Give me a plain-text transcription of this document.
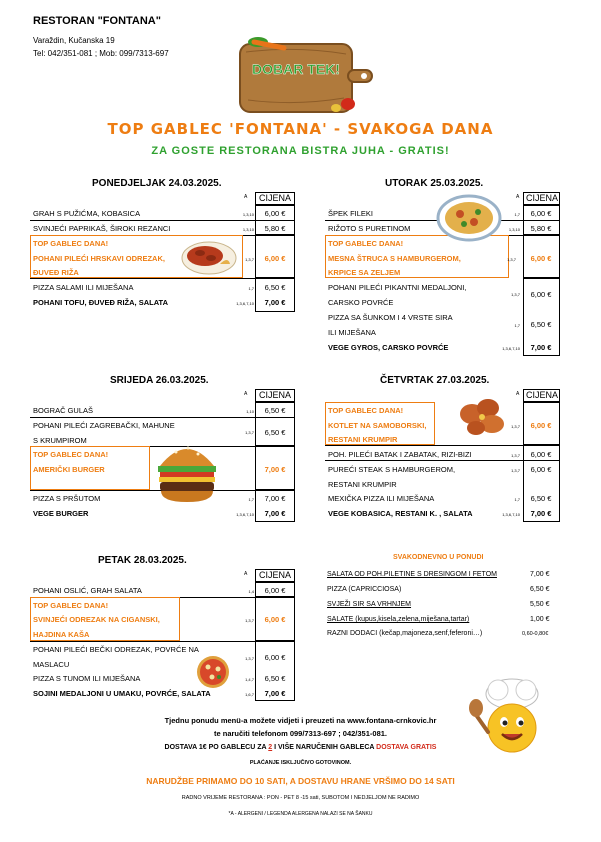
RESTORAN "FONTANA"
Varaždin, Kučanska 19
Tel: 042/351-081 ; Mob: 099/7313-697
DOBAR TEK!
TOP GABLEC 'FONTANA' - SVAKOGA DANA
ZA GOSTE RESTORANA BISTRA JUHA - GRATIS!
PONEDJELJAK 24.03.2025.
A	CIJENA
GRAH S PUŽIĆMA, KOBASICA	1,3,10	6,00 €
SVINJEĆI PAPRIKAŠ, ŠIROKI REZANCI	1,3,10	5,80 €
TOP GABLEC DANA!
POHANI PILEĆI HRSKAVI ODREZAK,	1,3,7	6,00 €
ĐUVEĐ RIŽA
PIZZA SALAMI ILI MIJEŠANA	1,7	6,50 €
POHANI TOFU, ĐUVEĐ RIŽA, SALATA	1,3,6,7,10	7,00 €
UTORAK 25.03.2025.
A CIJENA
ŠPEK FILEKI	1,7	6,00 €
RIŽOTO S PURETINOM	1,3,10	5,80 €
TOP GABLEC DANA!
MESNA ŠTRUCA S HAMBURGEROM,	1,3,7	6,00 €
KRPICE SA ZELJEM
POHANI PILEĆI PIKANTNI MEDALJONI,
CARSKO POVRĆE
1,3,7	6,00 €
PIZZA SA ŠUNKOM I 4 VRSTE SIRA
ILI MIJEŠANA
1,7	6,50 €
VEGE GYROS, CARSKO POVRĆE	1,3,6,7,10	7,00 €
SRIJEDA 26.03.2025.
A	CIJENA
BOGRAČ GULAŠ	1,10	6,50 €
POHANI PILEĆI ZAGREBAČKI, MAHUNE
1,3,7	6,50 €
S KRUMPIROM
TOP GABLEC DANA!
AMERIČKI BURGER	7,00 €
PIZZA S PRŠUTOM	1,7	7,00 €
VEGE BURGER	1,3,6,7,10	7,00 €
ČETVRTAK 27.03.2025.
A CIJENA
TOP GABLEC DANA!
KOTLET NA SAMOBORSKI,	1,3,7	6,00 €
RESTANI KRUMPIR
POH. PILEĆI BATAK I ZABATAK, RIZI-BIZI	1,3,7	6,00 €
PUREĆI STEAK S HAMBURGEROM,	1,3,7	6,00 €
RESTANI KRUMPIR
MEXIČKA PIZZA ILI MIJEŠANA	1,7	6,50 €
VEGE KOBASICA, RESTANI K. , SALATA	1,3,6,7,10	7,00 €
PETAK 28.03.2025.
A	CIJENA
POHANI OSLIĆ, GRAH SALATA	1,4	6,00 €
TOP GABLEC DANA!
SVINJEĆI ODREZAK NA CIGANSKI,	1,3,7	6,00 €
HAJDINA KAŠA
POHANI PILEĆI BEČKI ODREZAK, POVRĆE NA
MASLACU
1,3,7	6,00 €
PIZZA S TUNOM ILI MIJEŠANA	1,4,7	6,50 €
SOJINI MEDALJONI U UMAKU, POVRĆE, SALATA	1,6,7	7,00 €
SVAKODNEVNO U PONUDI
SALATA OD POH.PILETINE S DRESINGOM I FETOM	7,00 €
PIZZA (CAPRICCIOSA)	6,50 €
SVJEŽI SIR SA VRHNJEM	5,50 €
SALATE (kupus,kisela,zelena,miješana,tartar)	1,00 €
RAZNI DODACI (kečap,majoneza,senf,feferoni…)	0,60-0,80€
Tjednu ponudu menü-a možete vidjeti i preuzeti na www.fontana-crnkovic.hr
te naručiti telefonom 099/7313-697 ; 042/351-081.
DOSTAVA 1€ PO GABLECU ZA 2 I VIŠE NARUČENIH GABLECA DOSTAVA GRATIS
PLAĆANJE ISKLJUČIVO GOTOVINOM.
NARUDŽBE PRIMAMO DO 10 SATI, A DOSTAVU HRANE VRŠIMO DO 14 SATI
RADNO VRIJEME RESTORANA : PON - PET 8 -15 sati, SUBOTOM I NEDJELJOM NE RADIMO
*A - ALERGENI / LEGENDA ALERGENA NALAZI SE NA ŠANKU
